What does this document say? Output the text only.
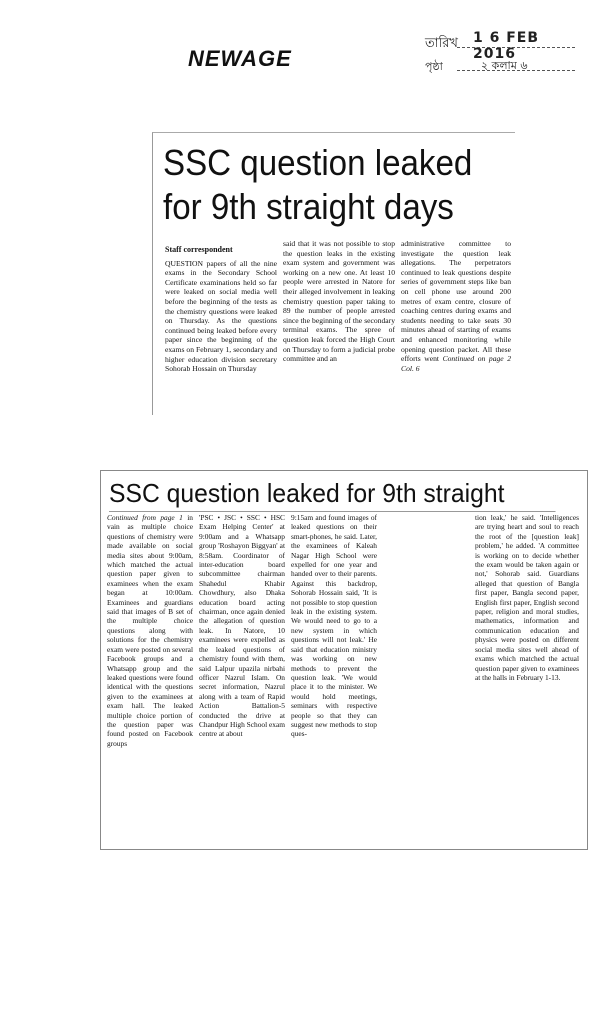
NEWAGE
তারিখ 1 6 FEB 2016
পৃষ্ঠা	২ কলাম ৬
SSC question leaked for 9th straight days
Staff correspondent
QUESTION papers of all the nine exams in the Secondary School Certificate examinations held so far were leaked on social media well before the beginning of the tests as the chemistry questions were leaked on Thursday. As the questions continued being leaked before every paper since the beginning of the exams on February 1, secondary and higher education division secretary Sohorab Hossain on Thursday
said that it was not possible to stop the question leaks in the existing exam system and government was working on a new one. At least 10 people were arrested in Natore for their alleged involvement in leaking chemistry question paper taking to 89 the number of people arrested since the beginning of the secondary terminal exams. The spree of question leak forced the High Court on Thursday to form a judicial probe committee and an
administrative committee to investigate the question leak allegations. The perpetrators continued to leak questions despite series of government steps like ban on cell phone use around 200 metres of exam centre, closure of coaching centres during exams and students needing to take seats 30 minutes ahead of starting of exams and enhanced monitoring while opening question packet. All these efforts went Continued on page 2 Col. 6
SSC question leaked for 9th straight
Continued from page 1 in vain as multiple choice questions of chemistry were made available on social media sites about 9:00am, which matched the actual question paper given to examinees when the exam began at 10:00am. Examinees and guardians said that images of B set of the multiple choice questions along with solutions for the chemistry exam were posted on several Facebook groups and a Whatsapp group and the leaked questions were found identical with the questions given to the examinees at exam hall. The leaked multiple choice portion of the question paper was found posted on Facebook groups
'PSC • JSC • SSC • HSC Exam Helping Center' at 9:00am and a Whatsapp group 'Roshayon Biggyan' at 8:58am. Coordinator of inter-education board subcommittee chairman Shahedul Khabir Chowdhury, also Dhaka education board acting chairman, once again denied the allegation of question leak. In Natore, 10 examinees were expelled as the leaked questions of chemistry found with them, said Lalpur upazila nirbahi officer Nazrul Islam. On secret information, Nazrul along with a team of Rapid Action Battalion-5 conducted the drive at Chandpur High School exam centre at about
9:15am and found images of leaked questions on their smart-phones, he said. Later, the examinees of Kaleah Nagar High School were expelled for one year and handed over to their parents. Against this backdrop, Sohorab Hossain said, 'It is not possible to stop question leak in the existing system. We would need to go to a new system in which questions will not leak.' He said that education ministry was working on new methods to prevent the question leak. 'We would place it to the minister. We would hold meetings, seminars with respective people so that they can suggest new methods to stop ques-
tion leak,' he said. 'Intelligences are trying heart and soul to reach the root of the [question leak] problem,' he added. 'A committee is working on to decide whether the exam would be taken again or not,' Sohorab said. Guardians alleged that question of Bangla first paper, Bangla second paper, English first paper, English second paper, religion and moral studies, mathematics, information and communication education and physics were posted on different social media sites well ahead of exams which matched the actual question paper given to examinees at the halls in February 1-13.
